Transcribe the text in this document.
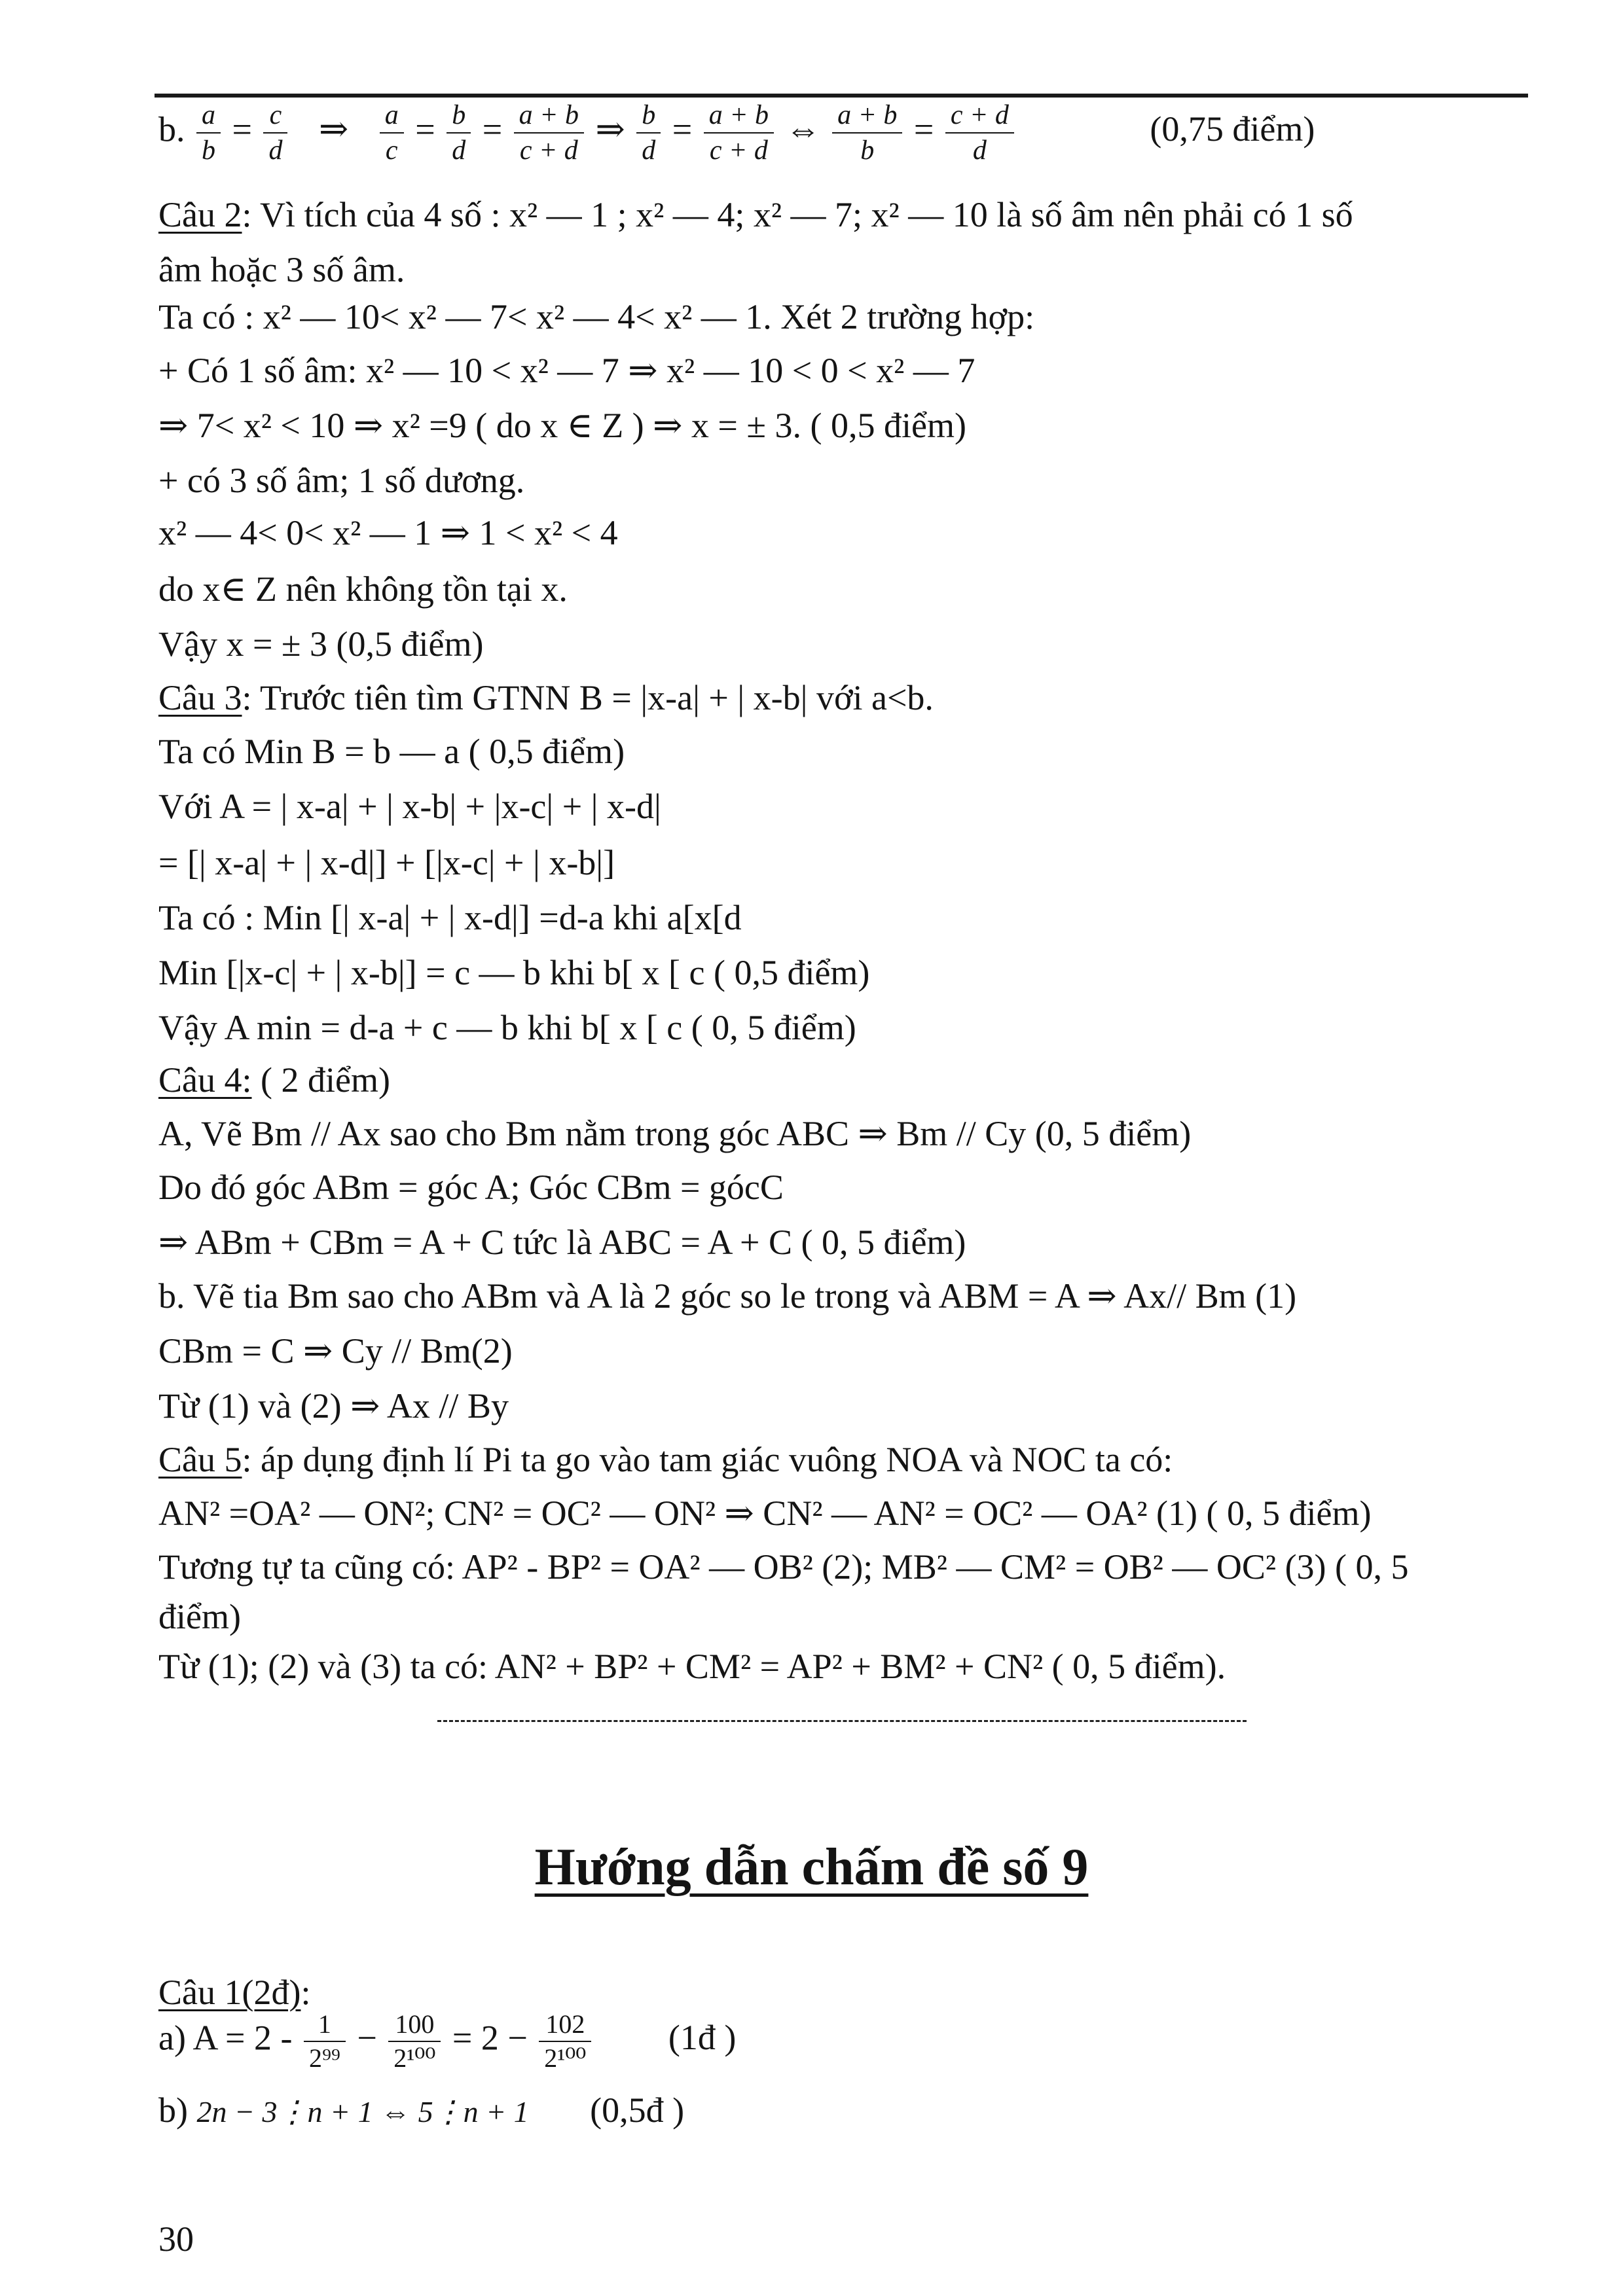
b. $\frac{a}{b} = \frac{c}{d}$ ⇒ $\frac{a}{c} = \frac{b}{d} = \frac{a + b}{c + d}$ ⇒ $\frac{b}{d} = \frac{a + b}{c + d}$ ⇔ $\frac{a + b}{b} = \frac{c + d}{d}$	(0,75 điểm)
Câu 2: Vì tích của 4 số : x² — 1 ; x² — 4; x² — 7; x² — 10 là số âm nên phải có 1 số
âm hoặc 3 số âm.
Ta có : x² — 10< x² — 7< x² — 4< x² — 1. Xét 2 trường hợp:
+ Có 1 số âm: x² — 10 < x² — 7 ⇒ x² — 10 < 0 < x² — 7
⇒ 7< x² < 10 ⇒ x² =9 ( do x ∈ Z ) ⇒ x = ± 3. ( 0,5 điểm)
+ có 3 số âm; 1 số dương.
x² — 4< 0< x² — 1 ⇒ 1 < x² < 4
do x∈ Z nên không tồn tại x.
Vậy x = ± 3 (0,5 điểm)
Câu 3: Trước tiên tìm GTNN B = |x-a| + | x-b| với a<b.
Ta có Min B = b — a ( 0,5 điểm)
Với A = | x-a| + | x-b| + |x-c| + | x-d|
= [| x-a| + | x-d|] + [|x-c| + | x-b|]
Ta có : Min [| x-a| + | x-d|] =d-a khi a[x[d
Min [|x-c| + | x-b|] = c — b khi b[ x [ c ( 0,5 điểm)
Vậy A min = d-a + c — b khi b[ x [ c ( 0, 5 điểm)
Câu 4: ( 2 điểm)
A, Vẽ Bm // Ax sao cho Bm nằm trong góc ABC ⇒ Bm // Cy (0, 5 điểm)
Do đó góc ABm = góc A; Góc CBm = gócC
⇒ ABm + CBm = A + C tức là ABC = A + C ( 0, 5 điểm)
b. Vẽ tia Bm sao cho ABm và A là 2 góc so le trong và ABM = A ⇒ Ax// Bm (1)
CBm = C ⇒ Cy // Bm(2)
Từ (1) và (2) ⇒ Ax // By
Câu 5: áp dụng định lí Pi ta go vào tam giác vuông NOA và NOC ta có:
AN² =OA² — ON²; CN² = OC² — ON² ⇒ CN² — AN² = OC² — OA² (1) ( 0, 5 điểm)
Tương tự ta cũng có: AP² - BP² = OA² — OB² (2); MB² — CM² = OB² — OC² (3) ( 0, 5
điểm)
Từ (1); (2) và (3) ta có: AN² + BP² + CM² = AP² + BM² + CN² ( 0, 5 điểm).
Hướng dẫn chấm đề số 9
Câu 1(2đ):
a) $A = 2 - \frac{1}{\text{2⁹⁹}} - \frac{100}{\text{2¹⁰⁰}} = 2 - \frac{102}{\text{2¹⁰⁰}}$ (1đ )
b) 2n − 3⋮n + 1 ⇔ 5⋮n + 1 (0,5đ )
30
